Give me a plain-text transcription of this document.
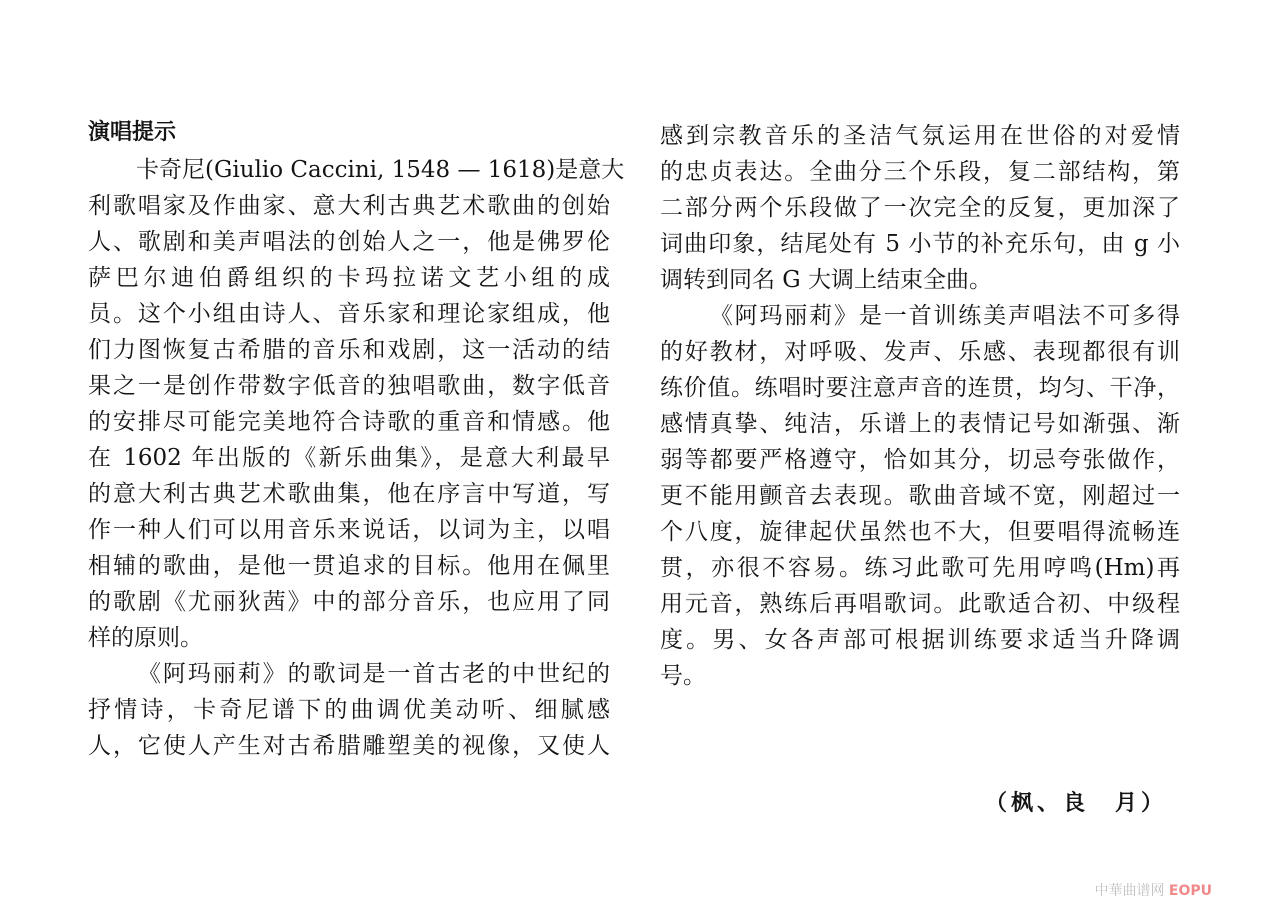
演唱提示
卡奇尼(Giulio Caccini, 1548 — 1618)是意大
利歌唱家及作曲家、意大利古典艺术歌曲的创始
人、歌剧和美声唱法的创始人之一，他是佛罗伦
萨巴尔迪伯爵组织的卡玛拉诺文艺小组的成
员。这个小组由诗人、音乐家和理论家组成，他
们力图恢复古希腊的音乐和戏剧，这一活动的结
果之一是创作带数字低音的独唱歌曲，数字低音
的安排尽可能完美地符合诗歌的重音和情感。他
在 1602 年出版的《新乐曲集》，是意大利最早
的意大利古典艺术歌曲集，他在序言中写道，写
作一种人们可以用音乐来说话，以词为主，以唱
相辅的歌曲，是他一贯追求的目标。他用在佩里
的歌剧《尤丽狄茜》中的部分音乐，也应用了同
样的原则。
《阿玛丽莉》的歌词是一首古老的中世纪的
抒情诗，卡奇尼谱下的曲调优美动听、细腻感
人，它使人产生对古希腊雕塑美的视像，又使人
感到宗教音乐的圣洁气氛运用在世俗的对爱情
的忠贞表达。全曲分三个乐段，复二部结构，第
二部分两个乐段做了一次完全的反复，更加深了
词曲印象，结尾处有 5 小节的补充乐句，由 g 小
调转到同名 G 大调上结束全曲。
《阿玛丽莉》是一首训练美声唱法不可多得
的好教材，对呼吸、发声、乐感、表现都很有训
练价值。练唱时要注意声音的连贯，均匀、干净，
感情真挚、纯洁，乐谱上的表情记号如渐强、渐
弱等都要严格遵守，恰如其分，切忌夸张做作，
更不能用颤音去表现。歌曲音域不宽，刚超过一
个八度，旋律起伏虽然也不大，但要唱得流畅连
贯，亦很不容易。练习此歌可先用哼鸣(Hm)再
用元音，熟练后再唱歌词。此歌适合初、中级程
度。男、女各声部可根据训练要求适当升降调
号。
（枫、良　月）
中華曲谱网 EOPU
